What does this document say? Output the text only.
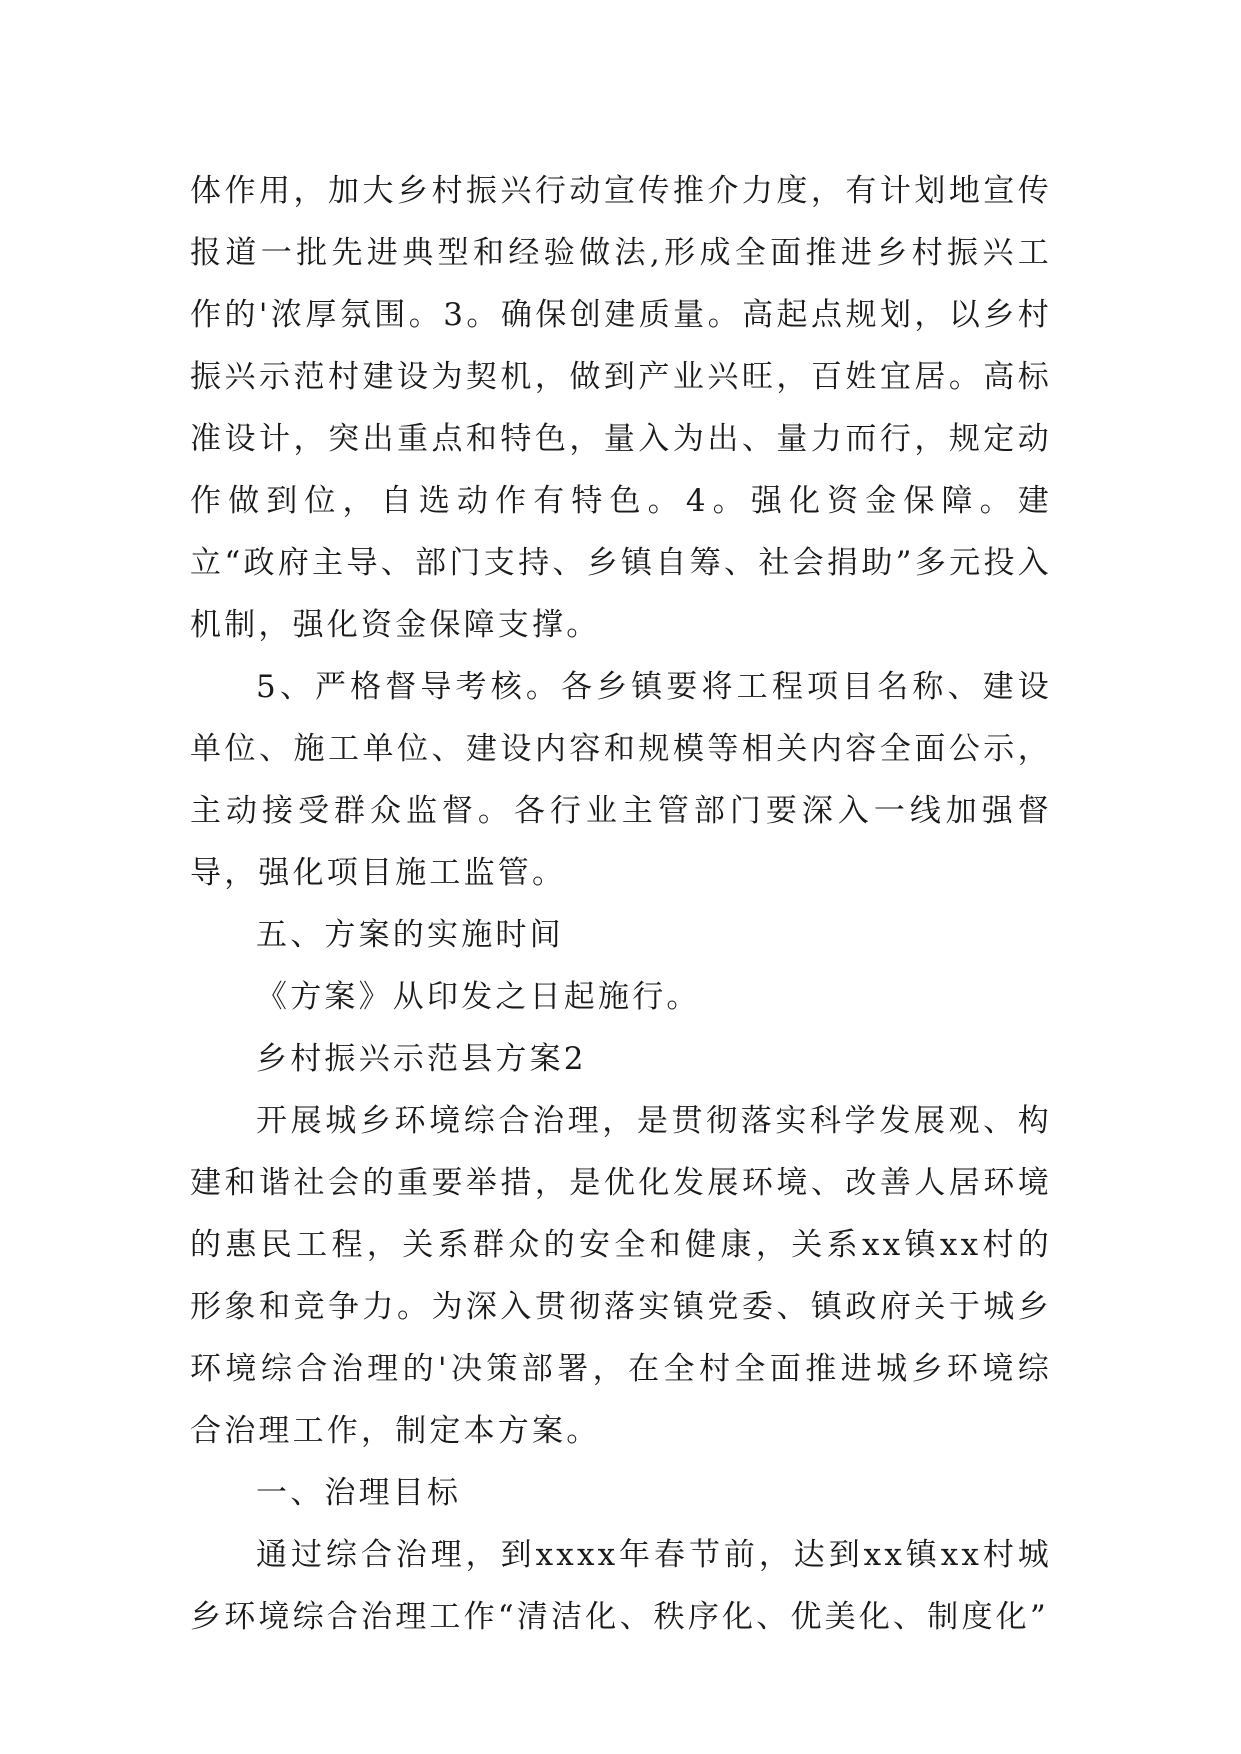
体作用，加大乡村振兴行动宣传推介力度，有计划地宣传报道一批先进典型和经验做法,形成全面推进乡村振兴工作的'浓厚氛围。3。确保创建质量。高起点规划，以乡村振兴示范村建设为契机，做到产业兴旺，百姓宜居。高标准设计，突出重点和特色，量入为出、量力而行，规定动作做到位，自选动作有特色。4。强化资金保障。建立“政府主导、部门支持、乡镇自筹、社会捐助”多元投入机制，强化资金保障支撑。

5、严格督导考核。各乡镇要将工程项目名称、建设单位、施工单位、建设内容和规模等相关内容全面公示，主动接受群众监督。各行业主管部门要深入一线加强督导，强化项目施工监管。

五、方案的实施时间

《方案》从印发之日起施行。

乡村振兴示范县方案2

开展城乡环境综合治理，是贯彻落实科学发展观、构建和谐社会的重要举措，是优化发展环境、改善人居环境的惠民工程，关系群众的安全和健康，关系xx镇xx村的形象和竞争力。为深入贯彻落实镇党委、镇政府关于城乡环境综合治理的'决策部署，在全村全面推进城乡环境综合治理工作，制定本方案。

一、治理目标

通过综合治理，到xxxx年春节前，达到xx镇xx村城乡环境综合治理工作“清洁化、秩序化、优美化、制度化”
